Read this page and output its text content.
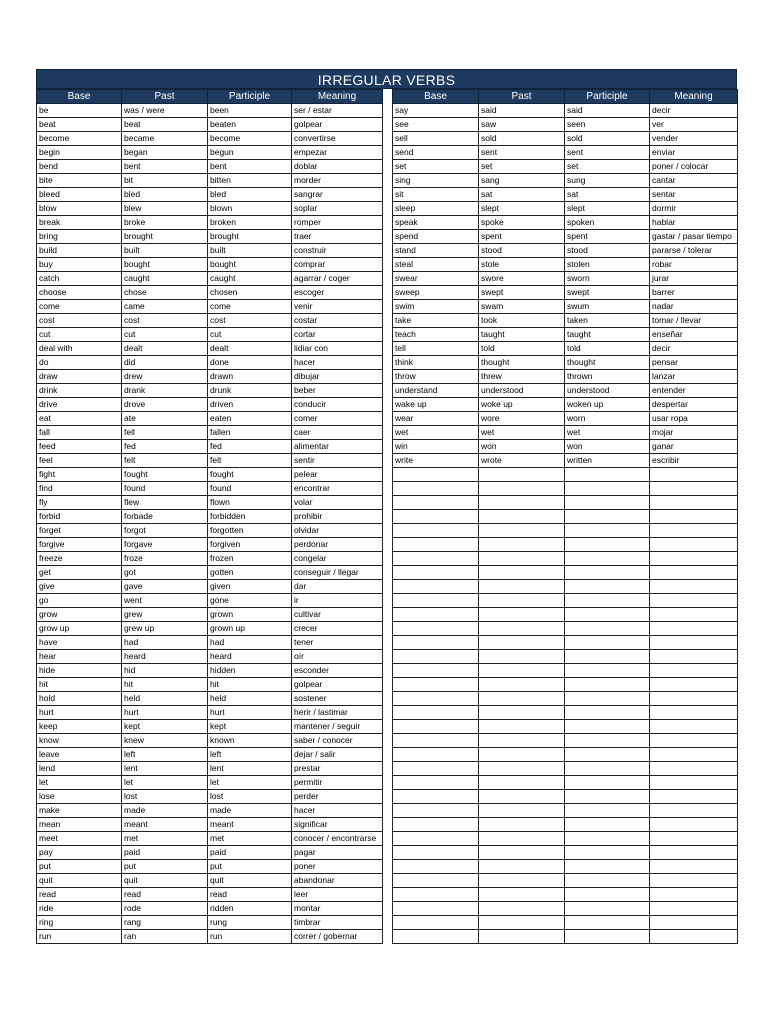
IRREGULAR VERBS
Base	Past	Participle	Meaning
be	was / were	been	ser / estar
beat	beat	beaten	golpear
become	became	become	convertirse
begin	began	begun	empezar
bend	bent	bent	doblar
bite	bit	bitten	morder
bleed	bled	bled	sangrar
blow	blew	blown	soplar
break	broke	broken	romper
bring	brought	brought	traer
build	built	built	construir
buy	bought	bought	comprar
catch	caught	caught	agarrar / coger
choose	chose	chosen	escoger
come	came	come	venir
cost	cost	cost	costar
cut	cut	cut	cortar
deal with	dealt	dealt	lidiar con
do	did	done	hacer
draw	drew	drawn	dibujar
drink	drank	drunk	beber
drive	drove	driven	conducir
eat	ate	eaten	comer
fall	fell	fallen	caer
feed	fed	fed	alimentar
feel	felt	felt	sentir
fight	fought	fought	pelear
find	found	found	encontrar
fly	flew	flown	volar
forbid	forbade	forbidden	prohibir
forget	forgot	forgotten	olvidar
forgive	forgave	forgiven	perdonar
freeze	froze	frozen	congelar
get	got	gotten	conseguir / llegar
give	gave	given	dar
go	went	gone	ir
grow	grew	grown	cultivar
grow up	grew up	grown up	crecer
have	had	had	tener
hear	heard	heard	oír
hide	hid	hidden	esconder
hit	hit	hit	golpear
hold	held	held	sostener
hurt	hurt	hurt	herir / lastimar
keep	kept	kept	mantener / seguir
know	knew	known	saber / conocer
leave	left	left	dejar / salir
lend	lent	lent	prestar
let	let	let	permitir
lose	lost	lost	perder
make	made	made	hacer
mean	meant	meant	significar
meet	met	met	conocer / encontrarse
pay	paid	paid	pagar
put	put	put	poner
quit	quit	quit	abandonar
read	read	read	leer
ride	rode	ridden	montar
ring	rang	rung	timbrar
run	ran	run	correr / gobernar
Base	Past	Participle	Meaning
say	said	said	decir
see	saw	seen	ver
sell	sold	sold	vender
send	sent	sent	enviar
set	set	set	poner / colocar
sing	sang	sung	cantar
sit	sat	sat	sentar
sleep	slept	slept	dormir
speak	spoke	spoken	hablar
spend	spent	spent	gastar / pasar tiempo
stand	stood	stood	pararse / tolerar
steal	stole	stolen	robar
swear	swore	sworn	jurar
sweep	swept	swept	barrer
swim	swam	swum	nadar
take	took	taken	tomar / llevar
teach	taught	taught	enseñar
tell	told	told	decir
think	thought	thought	pensar
throw	threw	thrown	lanzar
understand	understood	understood	entender
wake up	woke up	woken up	despertar
wear	wore	worn	usar ropa
wet	wet	wet	mojar
win	won	won	ganar
write	wrote	written	escribir
